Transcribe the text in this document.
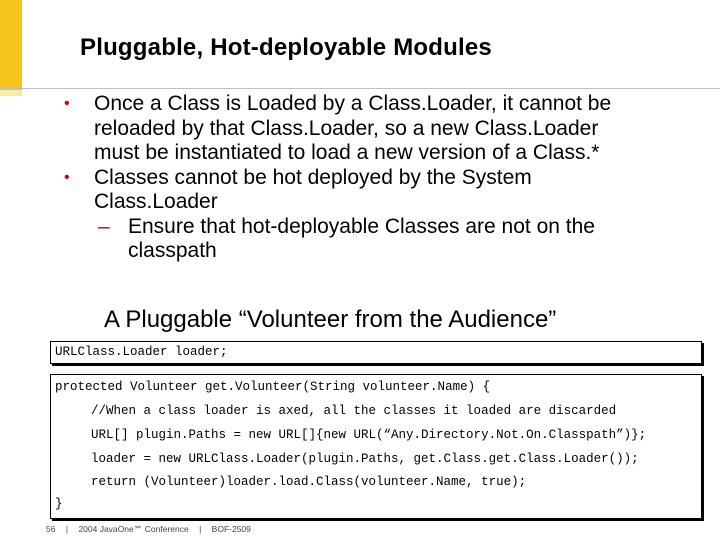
Pluggable, Hot-deployable Modules
• Once a Class is Loaded by a Class.Loader, it cannot be
reloaded by that Class.Loader, so a new Class.Loader
must be instantiated to load a new version of a Class.*
• Classes cannot be hot deployed by the System
Class.Loader
– Ensure that hot-deployable Classes are not on the
classpath
A Pluggable “Volunteer from the Audience”
URLClass.Loader loader;
protected Volunteer get.Volunteer(String volunteer.Name) {
//When a class loader is axed, all the classes it loaded are discarded
URL[] plugin.Paths = new URL[]{new URL(“Any.Directory.Not.On.Classpath”)};
loader = new URLClass.Loader(plugin.Paths, get.Class.get.Class.Loader());
return (Volunteer)loader.load.Class(volunteer.Name, true);
}
56 | 2004 JavaOne℠ Conference | BOF-2509
